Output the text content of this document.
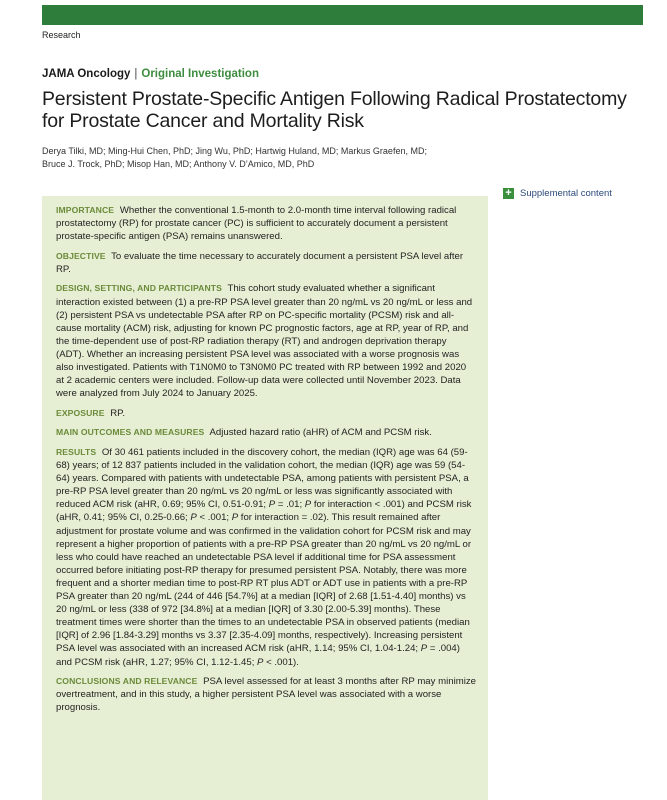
Research
JAMA Oncology | Original Investigation
Persistent Prostate-Specific Antigen Following Radical Prostatectomy for Prostate Cancer and Mortality Risk
Derya Tilki, MD; Ming-Hui Chen, PhD; Jing Wu, PhD; Hartwig Huland, MD; Markus Graefen, MD;
Bruce J. Trock, PhD; Misop Han, MD; Anthony V. D’Amico, MD, PhD
+ Supplemental content

IMPORTANCE Whether the conventional 1.5-month to 2.0-month time interval following radical prostatectomy (RP) for prostate cancer (PC) is sufficient to accurately document a persistent prostate-specific antigen (PSA) remains unanswered.

OBJECTIVE To evaluate the time necessary to accurately document a persistent PSA level after RP.

DESIGN, SETTING, AND PARTICIPANTS This cohort study evaluated whether a significant interaction existed between (1) a pre-RP PSA level greater than 20 ng/mL vs 20 ng/mL or less and (2) persistent PSA vs undetectable PSA after RP on PC-specific mortality (PCSM) risk and all-cause mortality (ACM) risk, adjusting for known PC prognostic factors, age at RP, year of RP, and the time-dependent use of post-RP radiation therapy (RT) and androgen deprivation therapy (ADT). Whether an increasing persistent PSA level was associated with a worse prognosis was also investigated. Patients with T1N0M0 to T3N0M0 PC treated with RP between 1992 and 2020 at 2 academic centers were included. Follow-up data were collected until November 2023. Data were analyzed from July 2024 to January 2025.

EXPOSURE RP.

MAIN OUTCOMES AND MEASURES Adjusted hazard ratio (aHR) of ACM and PCSM risk.

RESULTS Of 30 461 patients included in the discovery cohort, the median (IQR) age was 64 (59-68) years; of 12 837 patients included in the validation cohort, the median (IQR) age was 59 (54-64) years. Compared with patients with undetectable PSA, among patients with persistent PSA, a pre-RP PSA level greater than 20 ng/mL vs 20 ng/mL or less was significantly associated with reduced ACM risk (aHR, 0.69; 95% CI, 0.51-0.91; P = .01; P for interaction < .001) and PCSM risk (aHR, 0.41; 95% CI, 0.25-0.66; P < .001; P for interaction = .02). This result remained after adjustment for prostate volume and was confirmed in the validation cohort for PCSM risk and may represent a higher proportion of patients with a pre-RP PSA greater than 20 ng/mL vs 20 ng/mL or less who could have reached an undetectable PSA level if additional time for PSA assessment occurred before initiating post-RP therapy for presumed persistent PSA. Notably, there was more frequent and a shorter median time to post-RP RT plus ADT or ADT use in patients with a pre-RP PSA greater than 20 ng/mL (244 of 446 [54.7%] at a median [IQR] of 2.68 [1.51-4.40] months) vs 20 ng/mL or less (338 of 972 [34.8%] at a median [IQR] of 3.30 [2.00-5.39] months). These treatment times were shorter than the times to an undetectable PSA in observed patients (median [IQR] of 2.96 [1.84-3.29] months vs 3.37 [2.35-4.09] months, respectively). Increasing persistent PSA level was associated with an increased ACM risk (aHR, 1.14; 95% CI, 1.04-1.24; P = .004) and PCSM risk (aHR, 1.27; 95% CI, 1.12-1.45; P < .001).

CONCLUSIONS AND RELEVANCE PSA level assessed for at least 3 months after RP may minimize overtreatment, and in this study, a higher persistent PSA level was associated with a worse prognosis.
